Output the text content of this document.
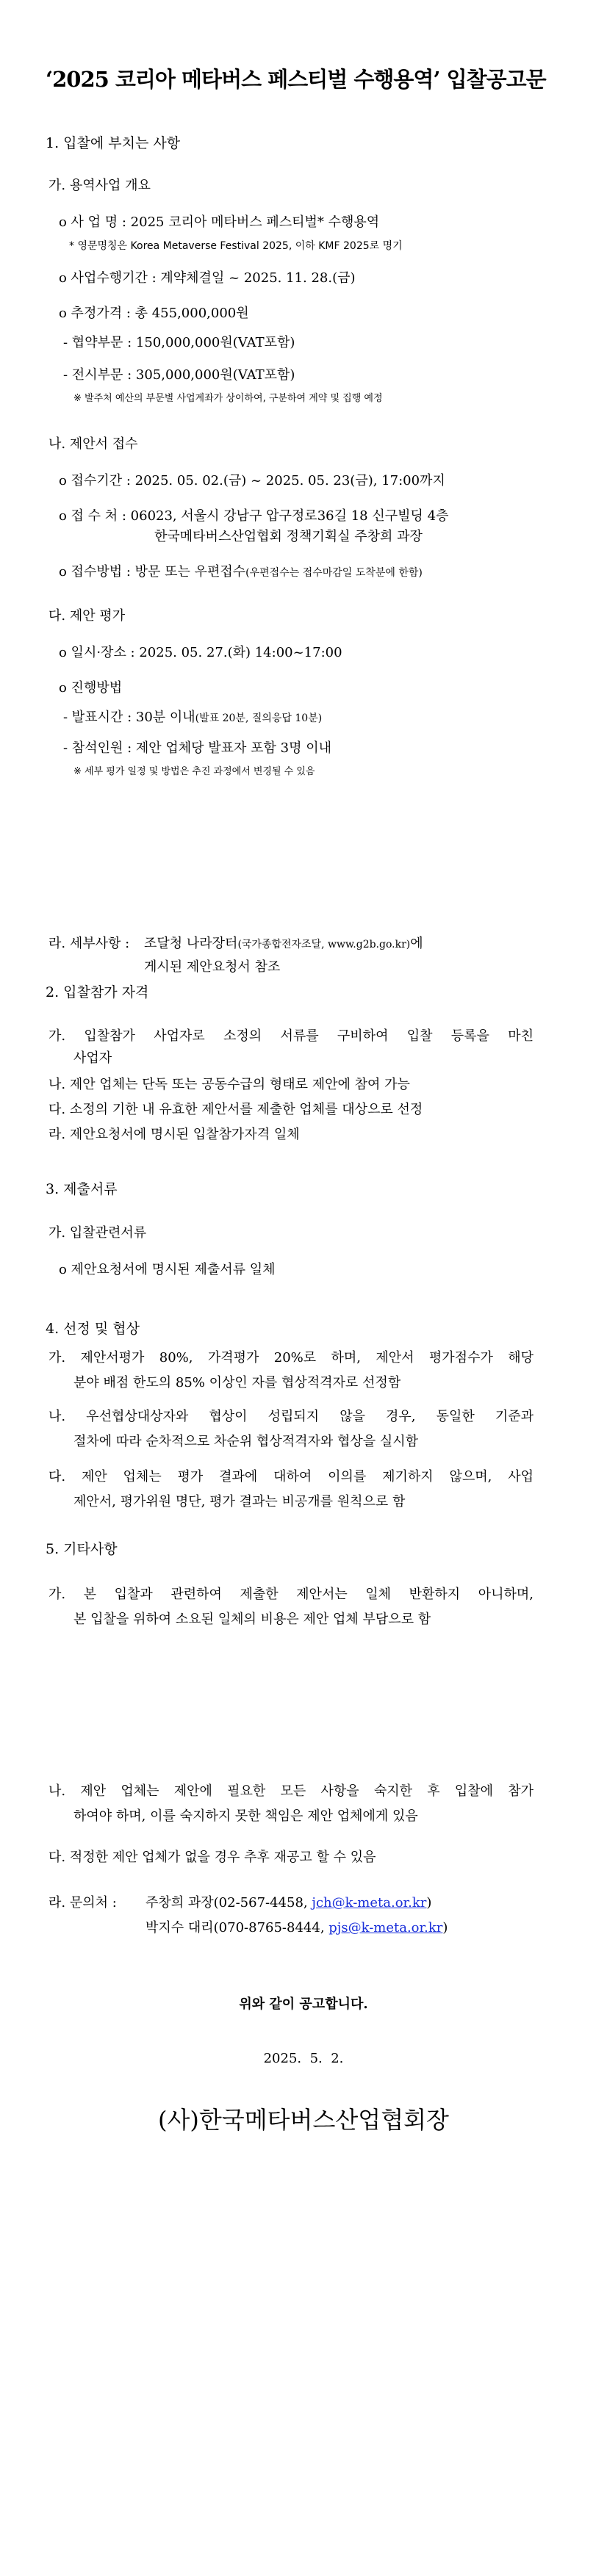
‘2025 코리아 메타버스 페스티벌 수행용역’ 입찰공고문
1. 입찰에 부치는 사항
가. 용역사업 개요
o 사 업 명 : 2025 코리아 메타버스 페스티벌* 수행용역
* 영문명칭은 Korea Metaverse Festival 2025, 이하 KMF 2025로 명기
o 사업수행기간 : 계약체결일 ~ 2025. 11. 28.(금)
o 추정가격 : 총 455,000,000원
- 협약부문 : 150,000,000원(VAT포함)
- 전시부문 : 305,000,000원(VAT포함)
※ 발주처 예산의 부문별 사업계좌가 상이하여, 구분하여 계약 및 집행 예정
나. 제안서 접수
o 접수기간 : 2025. 05. 02.(금) ~ 2025. 05. 23(금), 17:00까지
o 접 수 처 : 06023, 서울시 강남구 압구정로36길 18 신구빌딩 4층
한국메타버스산업협회 정책기획실 주창희 과장
o 접수방법 : 방문 또는 우편접수(우편접수는 접수마감일 도착분에 한함)
다. 제안 평가
o 일시·장소 : 2025. 05. 27.(화) 14:00~17:00
o 진행방법
- 발표시간 : 30분 이내(발표 20분, 질의응답 10분)
- 참석인원 : 제안 업체당 발표자 포함 3명 이내
※ 세부 평가 일정 및 방법은 추진 과정에서 변경될 수 있음
라. 세부사항 : 조달청 나라장터(국가종합전자조달, www.g2b.go.kr)에
게시된 제안요청서 참조
2. 입찰참가 자격
가. 입찰참가 사업자로 소정의 서류를 구비하여 입찰 등록을 마친
사업자
나. 제안 업체는 단독 또는 공동수급의 형태로 제안에 참여 가능
다. 소정의 기한 내 유효한 제안서를 제출한 업체를 대상으로 선정
라. 제안요청서에 명시된 입찰참가자격 일체
3. 제출서류
가. 입찰관련서류
o 제안요청서에 명시된 제출서류 일체
4. 선정 및 협상
가. 제안서평가 80%, 가격평가 20%로 하며, 제안서 평가점수가 해당
분야 배점 한도의 85% 이상인 자를 협상적격자로 선정함
나. 우선협상대상자와 협상이 성립되지 않을 경우, 동일한 기준과
절차에 따라 순차적으로 차순위 협상적격자와 협상을 실시함
다. 제안 업체는 평가 결과에 대하여 이의를 제기하지 않으며, 사업
제안서, 평가위원 명단, 평가 결과는 비공개를 원칙으로 함
5. 기타사항
가. 본 입찰과 관련하여 제출한 제안서는 일체 반환하지 아니하며,
본 입찰을 위하여 소요된 일체의 비용은 제안 업체 부담으로 함
나. 제안 업체는 제안에 필요한 모든 사항을 숙지한 후 입찰에 참가
하여야 하며, 이를 숙지하지 못한 책임은 제안 업체에게 있음
다. 적정한 제안 업체가 없을 경우 추후 재공고 할 수 있음
라. 문의처 : 주창희 과장(02-567-4458, jch@k-meta.or.kr)
박지수 대리(070-8765-8444, pjs@k-meta.or.kr)
위와 같이 공고합니다.
2025.  5.  2.
(사)한국메타버스산업협회장
